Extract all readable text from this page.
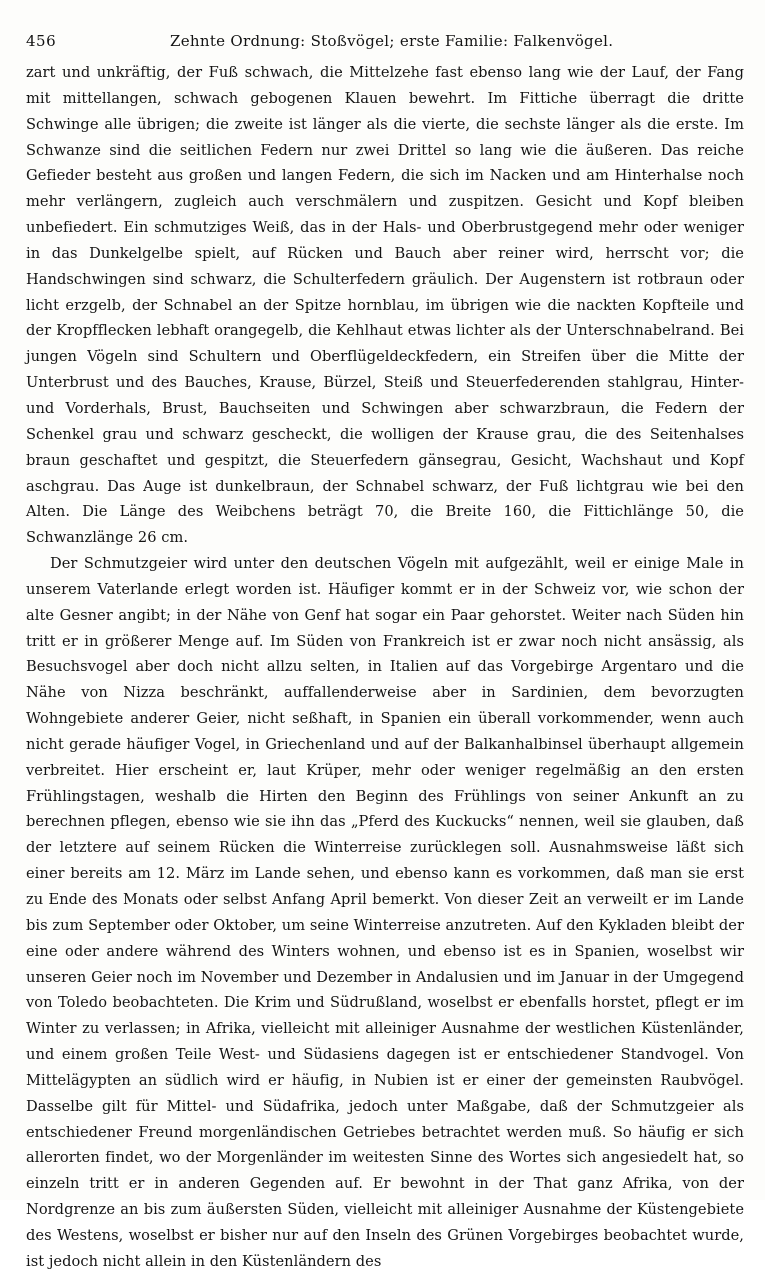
456	Zehnte Ordnung: Stoßvögel; erste Familie: Falkenvögel.

zart und unkräftig, der Fuß schwach, die Mittelzehe fast ebenso lang wie der Lauf, der Fang mit mittellangen, schwach gebogenen Klauen bewehrt. Im Fittiche überragt die dritte Schwinge alle übrigen; die zweite ist länger als die vierte, die sechste länger als die erste. Im Schwanze sind die seitlichen Federn nur zwei Drittel so lang wie die äußeren. Das reiche Gefieder besteht aus großen und langen Federn, die sich im Nacken und am Hinterhalse noch mehr verlängern, zugleich auch verschmälern und zuspitzen. Gesicht und Kopf bleiben unbefiedert. Ein schmutziges Weiß, das in der Hals- und Oberbrustgegend mehr oder weniger in das Dunkelgelbe spielt, auf Rücken und Bauch aber reiner wird, herrscht vor; die Handschwingen sind schwarz, die Schulterfedern gräulich. Der Augenstern ist rotbraun oder licht erzgelb, der Schnabel an der Spitze hornblau, im übrigen wie die nackten Kopfteile und der Kropfflecken lebhaft orangegelb, die Kehlhaut etwas lichter als der Unterschnabelrand. Bei jungen Vögeln sind Schultern und Oberflügeldeckfedern, ein Streifen über die Mitte der Unterbrust und des Bauches, Krause, Bürzel, Steiß und Steuerfederenden stahlgrau, Hinter- und Vorderhals, Brust, Bauchseiten und Schwingen aber schwarzbraun, die Federn der Schenkel grau und schwarz gescheckt, die wolligen der Krause grau, die des Seitenhalses braun geschaftet und gespitzt, die Steuerfedern gänsegrau, Gesicht, Wachshaut und Kopf aschgrau. Das Auge ist dunkelbraun, der Schnabel schwarz, der Fuß lichtgrau wie bei den Alten. Die Länge des Weibchens beträgt 70, die Breite 160, die Fittichlänge 50, die Schwanzlänge 26 cm.

Der Schmutzgeier wird unter den deutschen Vögeln mit aufgezählt, weil er einige Male in unserem Vaterlande erlegt worden ist. Häufiger kommt er in der Schweiz vor, wie schon der alte Gesner angibt; in der Nähe von Genf hat sogar ein Paar gehorstet. Weiter nach Süden hin tritt er in größerer Menge auf. Im Süden von Frankreich ist er zwar noch nicht ansässig, als Besuchsvogel aber doch nicht allzu selten, in Italien auf das Vorgebirge Argentaro und die Nähe von Nizza beschränkt, auffallenderweise aber in Sardinien, dem bevorzugten Wohngebiete anderer Geier, nicht seßhaft, in Spanien ein überall vorkommender, wenn auch nicht gerade häufiger Vogel, in Griechenland und auf der Balkanhalbinsel überhaupt allgemein verbreitet. Hier erscheint er, laut Krüper, mehr oder weniger regelmäßig an den ersten Frühlingstagen, weshalb die Hirten den Beginn des Frühlings von seiner Ankunft an zu berechnen pflegen, ebenso wie sie ihn das „Pferd des Kuckucks“ nennen, weil sie glauben, daß der letztere auf seinem Rücken die Winterreise zurücklegen soll. Ausnahmsweise läßt sich einer bereits am 12. März im Lande sehen, und ebenso kann es vorkommen, daß man sie erst zu Ende des Monats oder selbst Anfang April bemerkt. Von dieser Zeit an verweilt er im Lande bis zum September oder Oktober, um seine Winterreise anzutreten. Auf den Kykladen bleibt der eine oder andere während des Winters wohnen, und ebenso ist es in Spanien, woselbst wir unseren Geier noch im November und Dezember in Andalusien und im Januar in der Umgegend von Toledo beobachteten. Die Krim und Südrußland, woselbst er ebenfalls horstet, pflegt er im Winter zu verlassen; in Afrika, vielleicht mit alleiniger Ausnahme der westlichen Küstenländer, und einem großen Teile West- und Südasiens dagegen ist er entschiedener Standvogel. Von Mittelägypten an südlich wird er häufig, in Nubien ist er einer der gemeinsten Raubvögel. Dasselbe gilt für Mittel- und Südafrika, jedoch unter Maßgabe, daß der Schmutzgeier als entschiedener Freund morgenländischen Getriebes betrachtet werden muß. So häufig er sich allerorten findet, wo der Morgenländer im weitesten Sinne des Wortes sich angesiedelt hat, so einzeln tritt er in anderen Gegenden auf. Er bewohnt in der That ganz Afrika, von der Nordgrenze an bis zum äußersten Süden, vielleicht mit alleiniger Ausnahme der Küstengebiete des Westens, woselbst er bisher nur auf den Inseln des Grünen Vorgebirges beobachtet wurde, ist jedoch nicht allein in den Küstenländern des
